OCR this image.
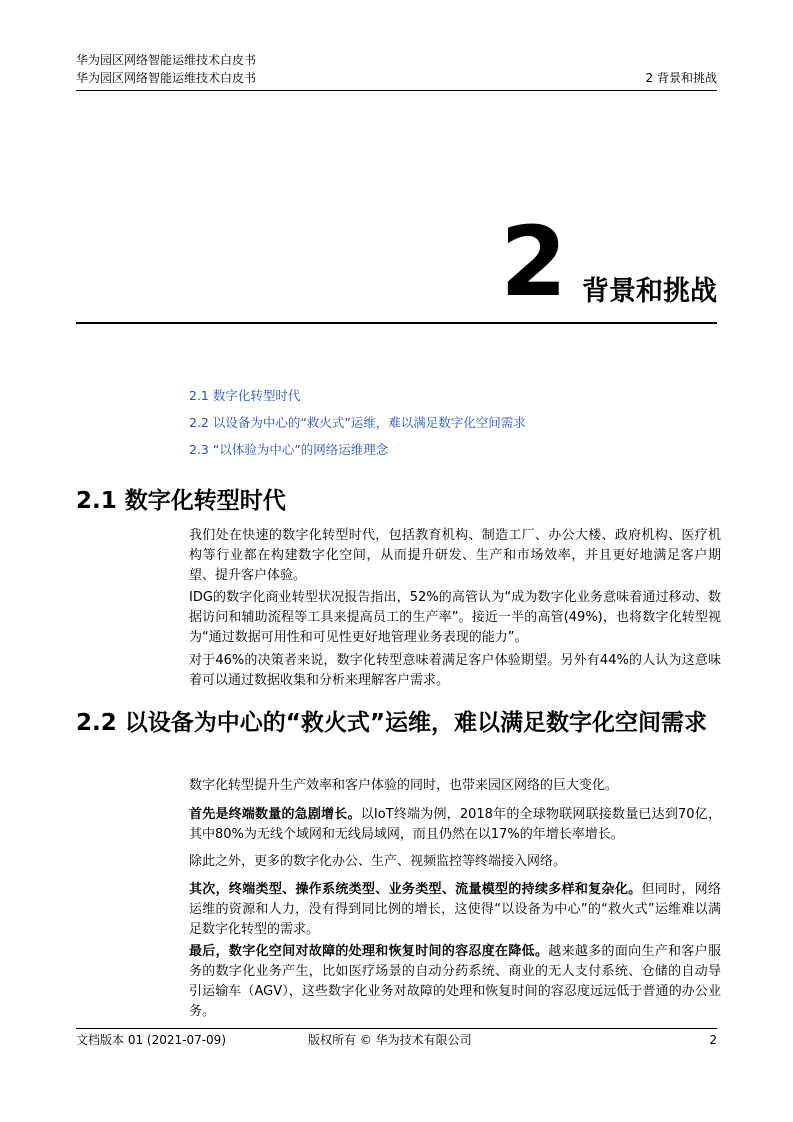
华为园区网络智能运维技术白皮书
华为园区网络智能运维技术白皮书	2 背景和挑战
2 背景和挑战
2.1 数字化转型时代
2.2 以设备为中心的“救火式”运维，难以满足数字化空间需求
2.3 “以体验为中心”的网络运维理念
2.1 数字化转型时代
我们处在快速的数字化转型时代，包括教育机构、制造工厂、办公大楼、政府机构、医疗机构等行业都在构建数字化空间，从而提升研发、生产和市场效率，并且更好地满足客户期望、提升客户体验。
IDG的数字化商业转型状况报告指出，52%的高管认为“成为数字化业务意味着通过移动、数据访问和辅助流程等工具来提高员工的生产率”。接近一半的高管(49%)，也将数字化转型视为“通过数据可用性和可见性更好地管理业务表现的能力”。
对于46%的决策者来说，数字化转型意味着满足客户体验期望。另外有44%的人认为这意味着可以通过数据收集和分析来理解客户需求。
2.2 以设备为中心的“救火式”运维，难以满足数字化空间需求
数字化转型提升生产效率和客户体验的同时，也带来园区网络的巨大变化。
首先是终端数量的急剧增长。以IoT终端为例，2018年的全球物联网联接数量已达到70亿，其中80%为无线个域网和无线局域网，而且仍然在以17%的年增长率增长。
除此之外，更多的数字化办公、生产、视频监控等终端接入网络。
其次，终端类型、操作系统类型、业务类型、流量模型的持续多样和复杂化。但同时，网络运维的资源和人力，没有得到同比例的增长，这使得“以设备为中心”的“救火式”运维难以满足数字化转型的需求。
最后，数字化空间对故障的处理和恢复时间的容忍度在降低。越来越多的面向生产和客户服务的数字化业务产生，比如医疗场景的自动分药系统、商业的无人支付系统、仓储的自动导引运输车（AGV），这些数字化业务对故障的处理和恢复时间的容忍度远远低于普通的办公业务。
文档版本 01 (2021-07-09)	版权所有 © 华为技术有限公司	2
